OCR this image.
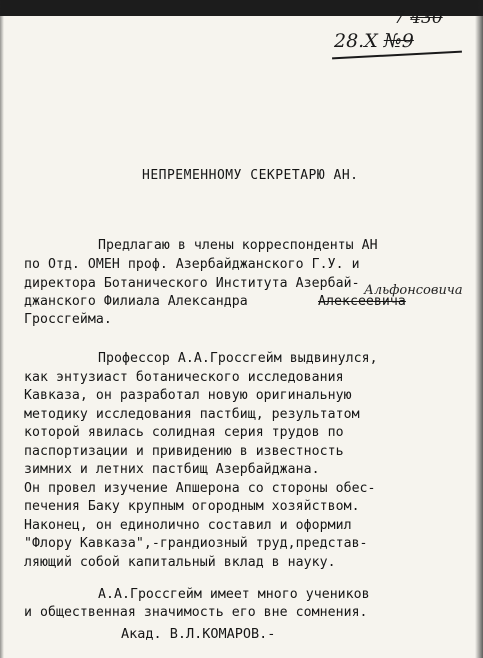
7 430
28.X №9
НЕПРЕМЕННОМУ СЕКРЕТАРЮ АН.
Предлагаю в члены корреспонденты АН
по Отд. ОМЕН проф. Азербайджанского Г.У. и
директора Ботанического Института Азербай-
джанского Филиала Александра	Алексеевича
Альфонсовича
Гроссгейма.
Профессор А.А.Гроссгейм выдвинулся,
как энтузиаст ботанического исследования
Кавказа, он разработал новую оригинальную
методику исследования пастбищ, результатом
которой явилась солидная серия трудов по
паспортизации и привидению в известность
зимних и летних пастбищ Азербайджана.
Он провел изучение Апшерона со стороны обес-
печения Баку крупным огородным хозяйством.
Наконец, он единолично составил и оформил
"Флору Кавказа",-грандиозный труд,представ-
ляющий собой капитальный вклад в науку.
А.А.Гроссгейм имеет много учеников
и общественная значимость его вне сомнения.
Акад. В.Л.КОМАРОВ.-
